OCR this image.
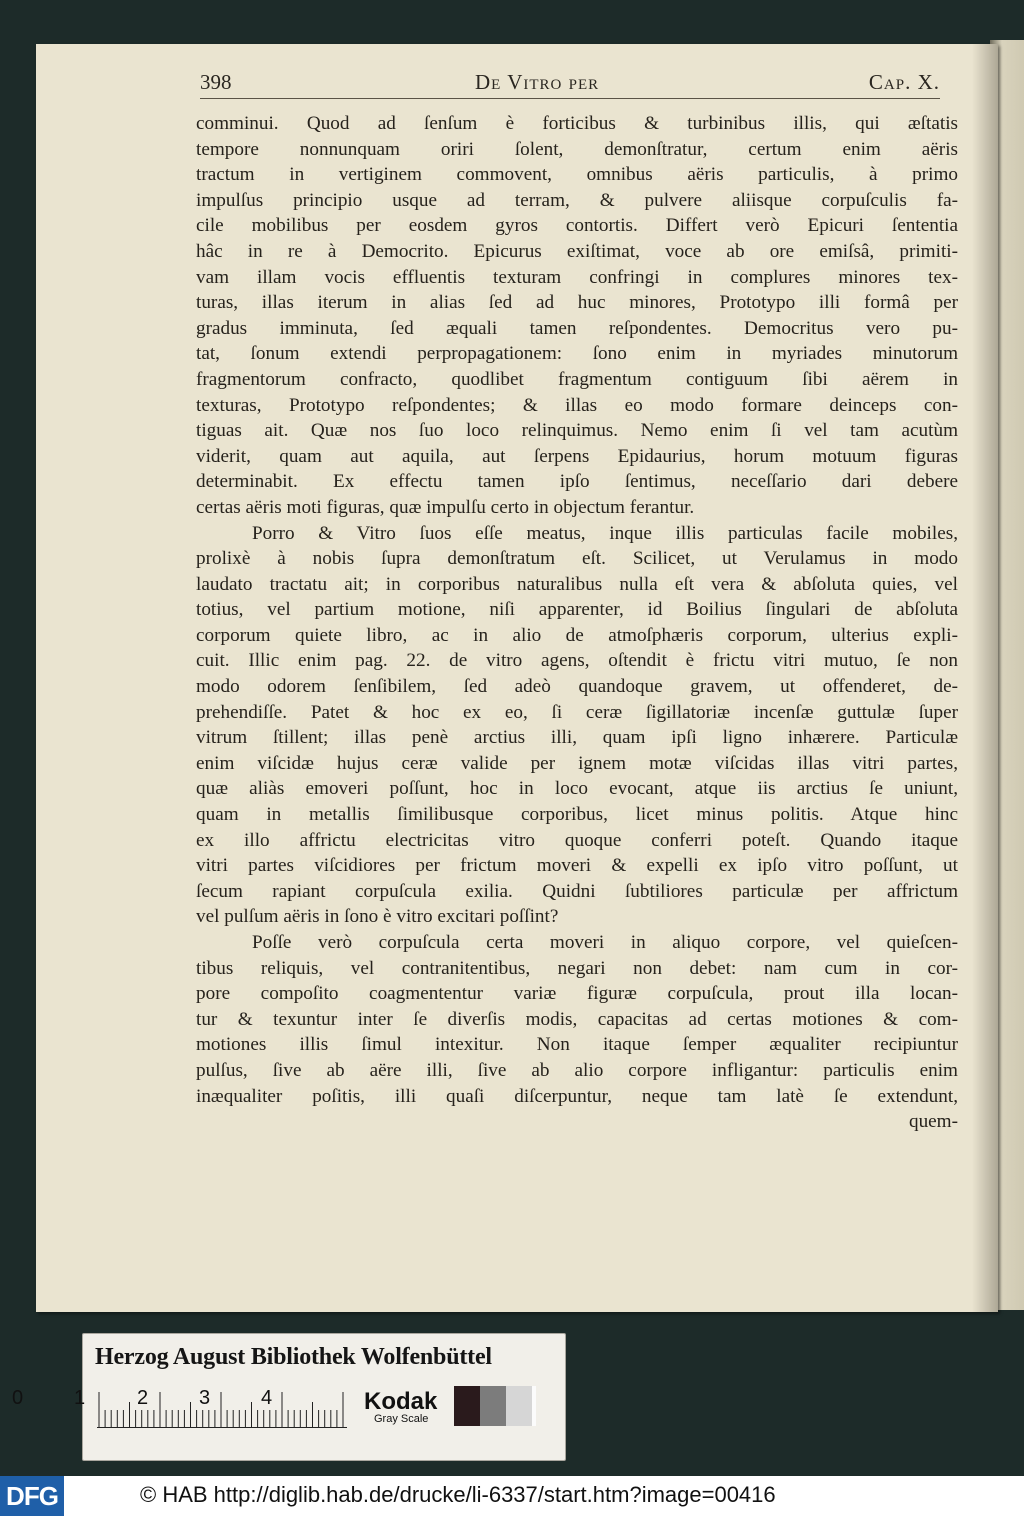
398	De Vitro per	Cap. X.
comminui. Quod ad ſenſum è forticibus & turbinibus illis, qui æſtatis
tempore nonnunquam oriri ſolent, demonſtratur, certum enim aëris
tractum in vertiginem commovent, omnibus aëris particulis, à primo
impulſus principio usque ad terram, & pulvere aliisque corpuſculis fa-
cile mobilibus per eosdem gyros contortis. Differt verò Epicuri ſententia
hâc in re à Democrito. Epicurus exiſtimat, voce ab ore emiſsâ, primiti-
vam illam vocis effluentis texturam confringi in complures minores tex-
turas, illas iterum in alias ſed ad huc minores, Prototypo illi formâ per
gradus imminuta, ſed æquali tamen reſpondentes. Democritus vero pu-
tat, ſonum extendi perpropagationem: ſono enim in myriades minutorum
fragmentorum confracto, quodlibet fragmentum contiguum ſibi aërem in
texturas, Prototypo reſpondentes; & illas eo modo formare deinceps con-
tiguas ait. Quæ nos ſuo loco relinquimus. Nemo enim ſi vel tam acutùm
viderit, quam aut aquila, aut ſerpens Epidaurius, horum motuum figuras
determinabit. Ex effectu tamen ipſo ſentimus, neceſſario dari debere
certas aëris moti figuras, quæ impulſu certo in objectum ferantur.
Porro & Vitro ſuos eſſe meatus, inque illis particulas facile mobiles,
prolixè à nobis ſupra demonſtratum eſt. Scilicet, ut Verulamus in modo
laudato tractatu ait; in corporibus naturalibus nulla eſt vera & abſoluta quies, vel
totius, vel partium motione, niſi apparenter, id Boilius ſingulari de abſoluta
corporum quiete libro, ac in alio de atmoſphæris corporum, ulterius expli-
cuit. Illic enim pag. 22. de vitro agens, oſtendit è frictu vitri mutuo, ſe non
modo odorem ſenſibilem, ſed adeò quandoque gravem, ut offenderet, de-
prehendiſſe. Patet & hoc ex eo, ſi ceræ ſigillatoriæ incenſæ guttulæ ſuper
vitrum ſtillent; illas penè arctius illi, quam ipſi ligno inhærere. Particulæ
enim viſcidæ hujus ceræ valide per ignem motæ viſcidas illas vitri partes,
quæ aliàs emoveri poſſunt, hoc in loco evocant, atque iis arctius ſe uniunt,
quam in metallis ſimilibusque corporibus, licet minus politis. Atque hinc
ex illo affrictu electricitas vitro quoque conferri poteſt. Quando itaque
vitri partes viſcidiores per frictum moveri & expelli ex ipſo vitro poſſunt, ut
ſecum rapiant corpuſcula exilia. Quidni ſubtiliores particulæ per affrictum
vel pulſum aëris in ſono è vitro excitari poſſint?
Poſſe verò corpuſcula certa moveri in aliquo corpore, vel quieſcen-
tibus reliquis, vel contranitentibus, negari non debet: nam cum in cor-
pore compoſito coagmententur variæ figuræ corpuſcula, prout illa locan-
tur & texuntur inter ſe diverſis modis, capacitas ad certas motiones & com-
motiones illis ſimul intexitur. Non itaque ſemper æqualiter recipiuntur
pulſus, ſive ab aëre illi, ſive ab alio corpore infligantur: particulis enim
inæqualiter poſitis, illi quaſi diſcerpuntur, neque tam latè ſe extendunt,
quem-
Herzog August Bibliothek Wolfenbüttel
0	1	2	3	4	Kodak
Gray Scale
DFG	© HAB http://diglib.hab.de/drucke/li-6337/start.htm?image=00416
